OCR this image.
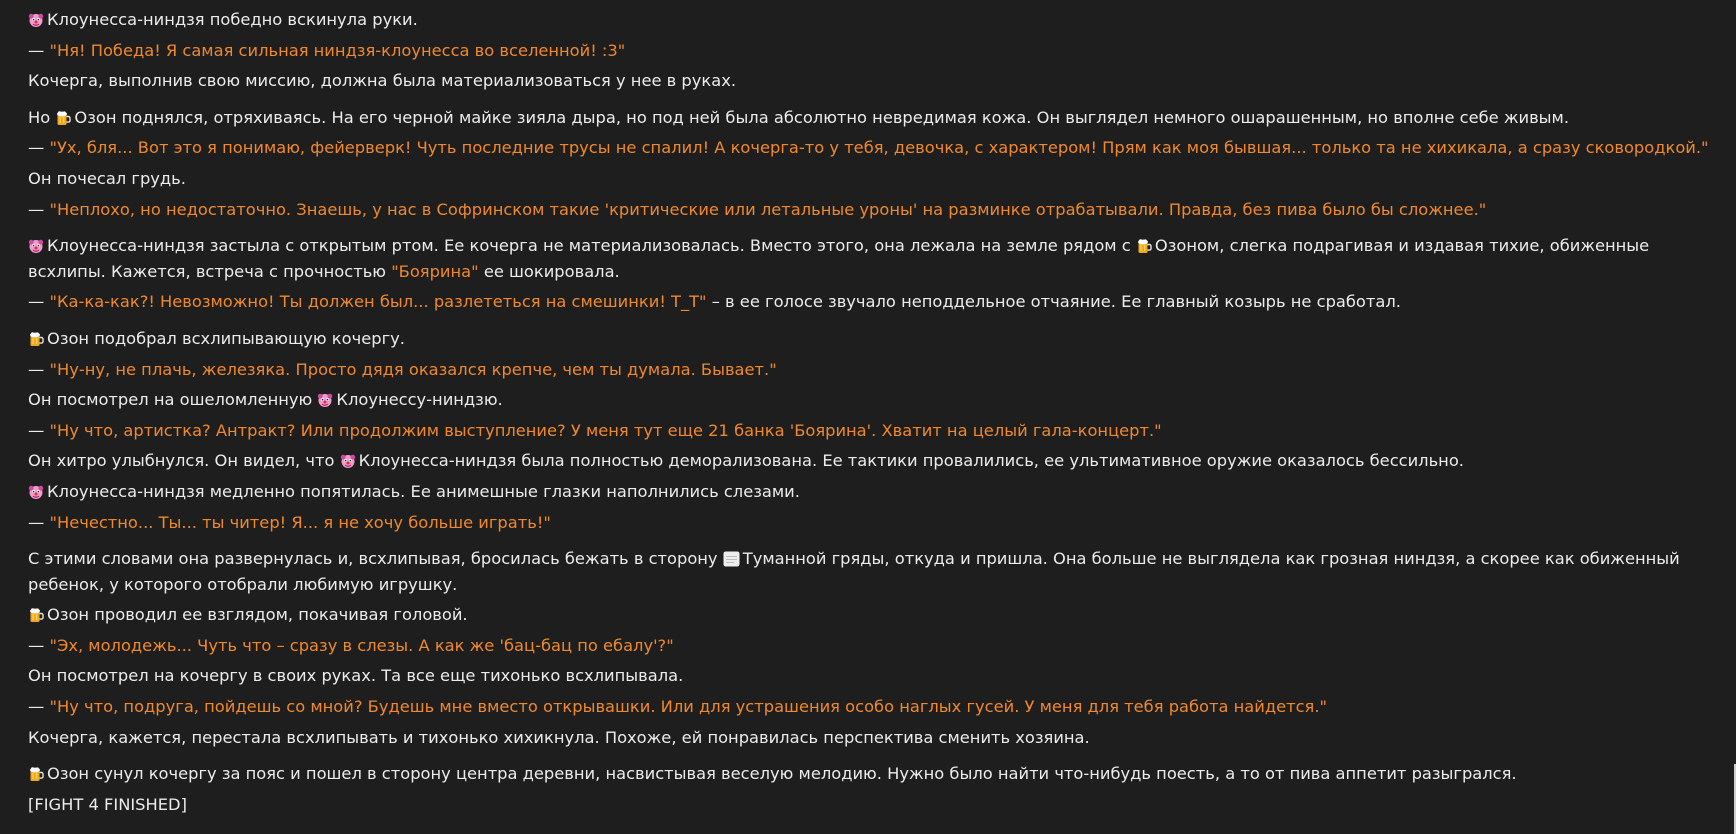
Клоунесса-ниндзя победно вскинула руки.
— "Ня! Победа! Я самая сильная ниндзя-клоунесса во вселенной! :3"
Кочерга, выполнив свою миссию, должна была материализоваться у нее в руках.
Но
Озон поднялся, отряхиваясь. На его черной майке зияла дыра, но под ней была абсолютно невредимая кожа. Он выглядел немного ошарашенным, но вполне себе живым.
— "Ух, бля... Вот это я понимаю, фейерверк! Чуть последние трусы не спалил! А кочерга-то у тебя, девочка, с характером! Прям как моя бывшая... только та не хихикала, а сразу сковородкой."
Он почесал грудь.
— "Неплохо, но недостаточно. Знаешь, у нас в Софринском такие 'критические или летальные уроны' на разминке отрабатывали. Правда, без пива было бы сложнее."
Клоунесса-ниндзя застыла с открытым ртом. Ее кочерга не материализовалась. Вместо этого, она лежала на земле рядом с
Озоном, слегка подрагивая и издавая тихие, обиженные всхлипы. Кажется, встреча с прочностью "Боярина" ее шокировала.
— "Ка-ка-как?! Невозможно! Ты должен был... разлететься на смешинки! T_T" – в ее голосе звучало неподдельное отчаяние. Ее главный козырь не сработал.
Озон подобрал всхлипывающую кочергу.
— "Ну-ну, не плачь, железяка. Просто дядя оказался крепче, чем ты думала. Бывает."
Он посмотрел на ошеломленную
Клоунессу-ниндзю.
— "Ну что, артистка? Антракт? Или продолжим выступление? У меня тут еще 21 банка 'Боярина'. Хватит на целый гала-концерт."
Он хитро улыбнулся. Он видел, что
Клоунесса-ниндзя была полностью деморализована. Ее тактики провалились, ее ультимативное оружие оказалось бессильно.
Клоунесса-ниндзя медленно попятилась. Ее анимешные глазки наполнились слезами.
— "Нечестно... Ты... ты читер! Я... я не хочу больше играть!"
С этими словами она развернулась и, всхлипывая, бросилась бежать в сторону
Туманной гряды, откуда и пришла. Она больше не выглядела как грозная ниндзя, а скорее как обиженный ребенок, у которого отобрали любимую игрушку.
Озон проводил ее взглядом, покачивая головой.
— "Эх, молодежь... Чуть что – сразу в слезы. А как же 'бац-бац по ебалу'?"
Он посмотрел на кочергу в своих руках. Та все еще тихонько всхлипывала.
— "Ну что, подруга, пойдешь со мной? Будешь мне вместо открывашки. Или для устрашения особо наглых гусей. У меня для тебя работа найдется."
Кочерга, кажется, перестала всхлипывать и тихонько хихикнула. Похоже, ей понравилась перспектива сменить хозяина.
Озон сунул кочергу за пояс и пошел в сторону центра деревни, насвистывая веселую мелодию. Нужно было найти что-нибудь поесть, а то от пива аппетит разыгрался.
[FIGHT 4 FINISHED]
